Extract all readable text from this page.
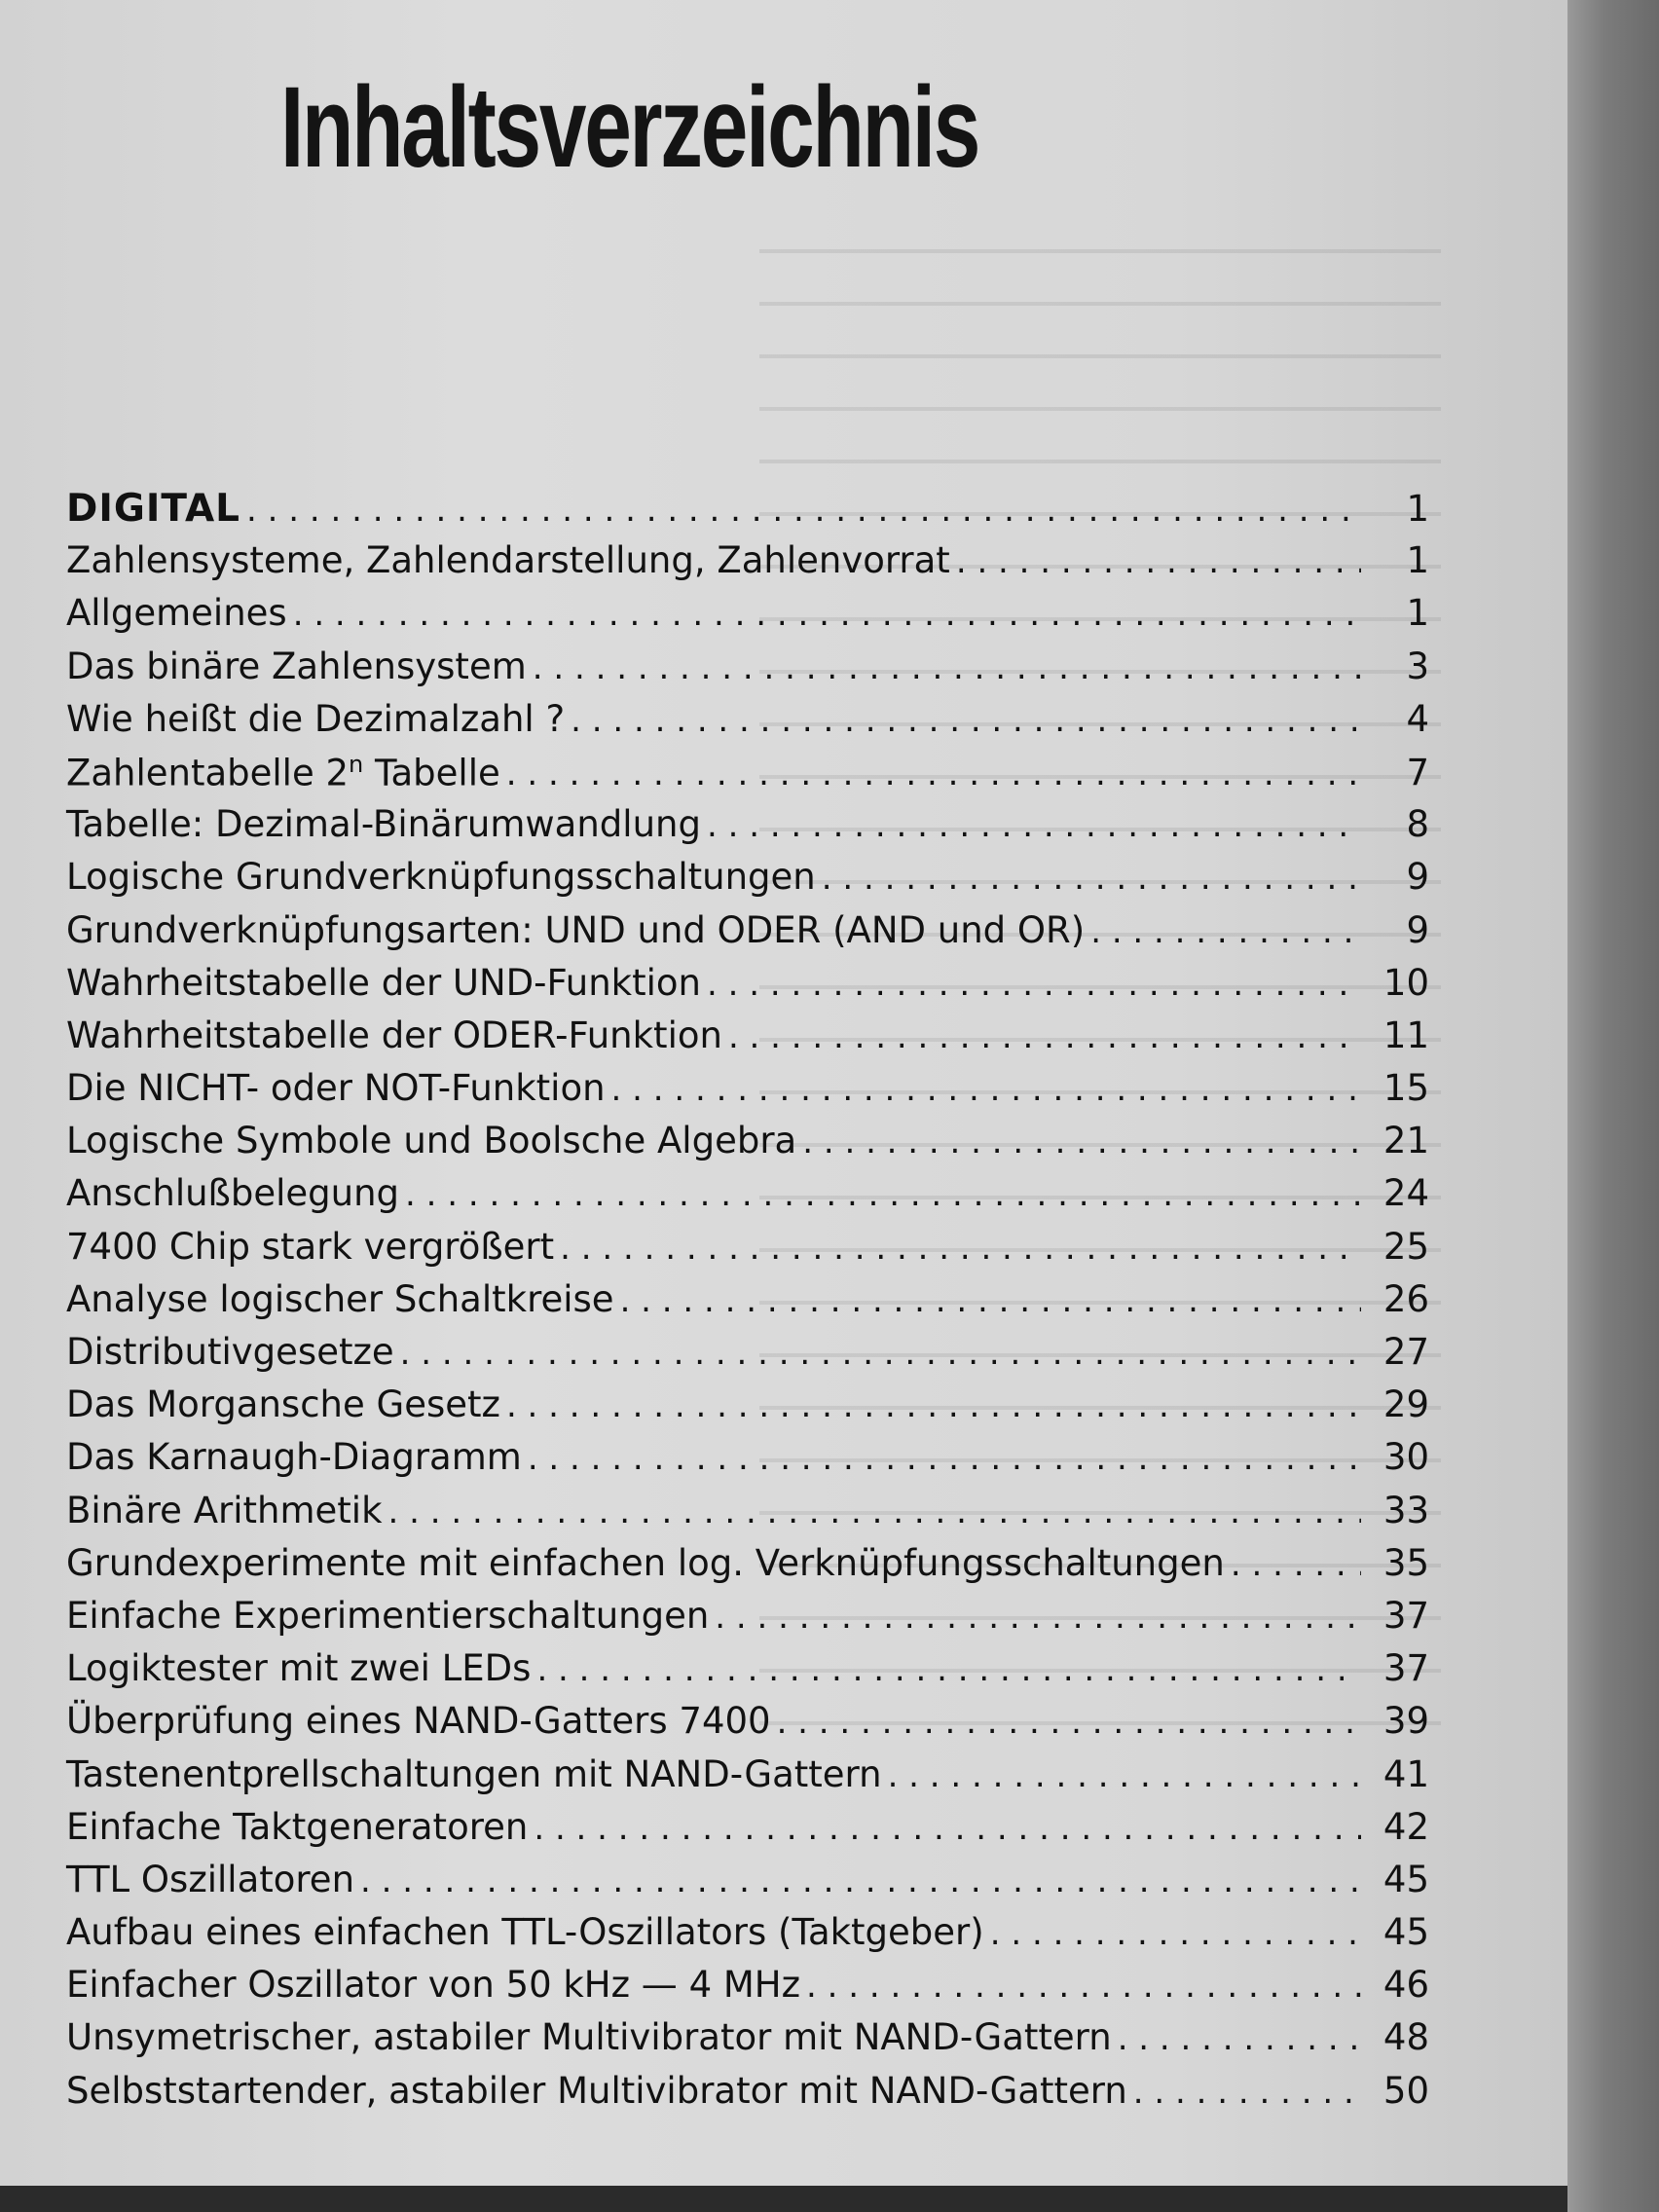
Inhaltsverzeichnis
DIGITAL . . .	1
Zahlensysteme, Zahlendarstellung, Zahlenvorrat . . .	1
Allgemeines . . .	1
Das binäre Zahlensystem . . .	3
Wie heißt die Dezimalzahl ? . . .	4
Zahlentabelle 2$^n$ Tabelle . . .	7
Tabelle: Dezimal-Binärumwandlung . . .	8
Logische Grundverknüpfungsschaltungen . . .	9
Grundverknüpfungsarten: UND und ODER (AND und OR) . . .	9
Wahrheitstabelle der UND-Funktion . . .	10
Wahrheitstabelle der ODER-Funktion . . .	11
Die NICHT- oder NOT-Funktion . . .	15
Logische Symbole und Boolsche Algebra . . .	21
Anschlußbelegung . . .	24
7400 Chip stark vergrößert . . .	25
Analyse logischer Schaltkreise . . .	26
Distributivgesetze . . .	27
Das Morgansche Gesetz . . .	29
Das Karnaugh-Diagramm . . .	30
Binäre Arithmetik . . .	33
Grundexperimente mit einfachen log. Verknüpfungsschaltungen . . .	35
Einfache Experimentierschaltungen . . .	37
Logiktester mit zwei LEDs . . .	37
Überprüfung eines NAND-Gatters 7400 . . .	39
Tastenentprellschaltungen mit NAND-Gattern . . .	41
Einfache Taktgeneratoren . . .	42
TTL Oszillatoren . . .	45
Aufbau eines einfachen TTL-Oszillators (Taktgeber) . . .	45
Einfacher Oszillator von 50 kHz — 4 MHz . . .	46
Unsymetrischer, astabiler Multivibrator mit NAND-Gattern . . .	48
Selbststartender, astabiler Multivibrator mit NAND-Gattern . . .	50
